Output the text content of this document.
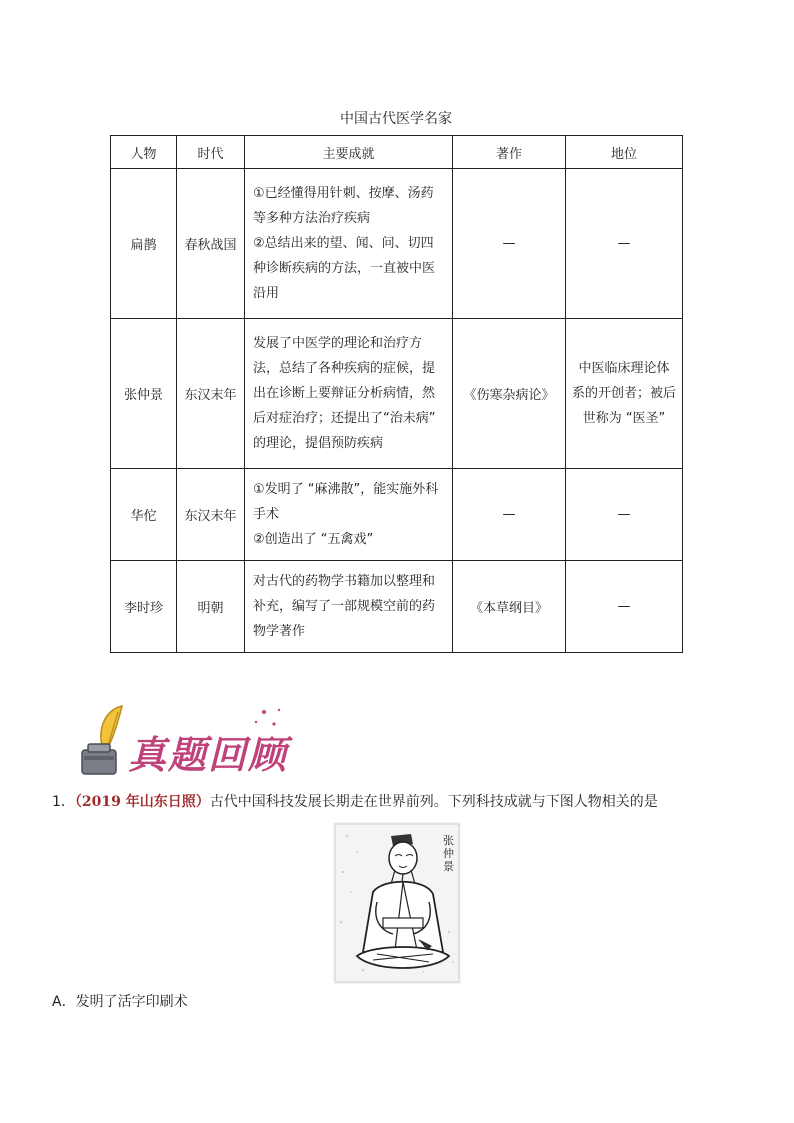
中国古代医学名家
人物	时代	主要成就	著作	地位
扁鹊	春秋战国	①已经懂得用针刺、按摩、汤药
等多种方法治疗疾病
②总结出来的望、闻、问、切四
种诊断疾病的方法，一直被中医
沿用	—	—

张仲景	东汉末年	发展了中医学的理论和治疗方
法，总结了各种疾病的症候，提
出在诊断上要辩证分析病情，然
后对症治疗；还提出了“治未病”
的理论，提倡预防疾病	《伤寒杂病论》	中医临床理论体
系的开创者；被后
世称为 “医圣”

华佗	东汉末年	①发明了 “麻沸散”，能实施外科
手术
②创造出了 “五禽戏”	—	—

李时珍	明朝	对古代的药物学书籍加以整理和
补充，编写了一部规模空前的药
物学著作	《本草纲目》	—
真题回顾
1．（2019 年山东日照）古代中国科技发展长期走在世界前列。下列科技成就与下图人物相关的是
张
仲
景
A．发明了活字印刷术
